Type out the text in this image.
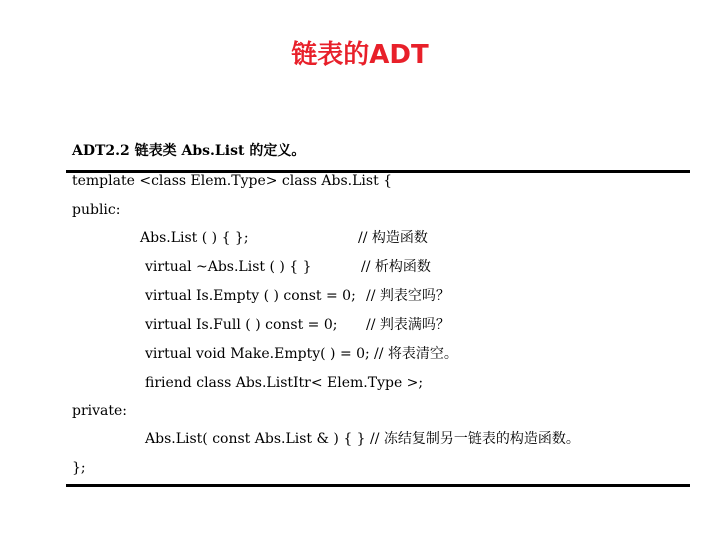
链表的ADT
ADT2.2 链表类 Abs.List 的定义。
template <class Elem.Type> class Abs.List {
public:
Abs.List ( ) { };	// 构造函数
virtual ~Abs.List ( ) { }	// 析构函数
virtual Is.Empty ( ) const = 0; // 判表空吗？
virtual Is.Full ( ) const = 0; // 判表满吗？
virtual void Make.Empty( ) = 0; // 将表清空。
firiend class Abs.ListItr< Elem.Type >;
private:
Abs.List( const Abs.List & ) { } // 冻结复制另一链表的构造函数。
};
